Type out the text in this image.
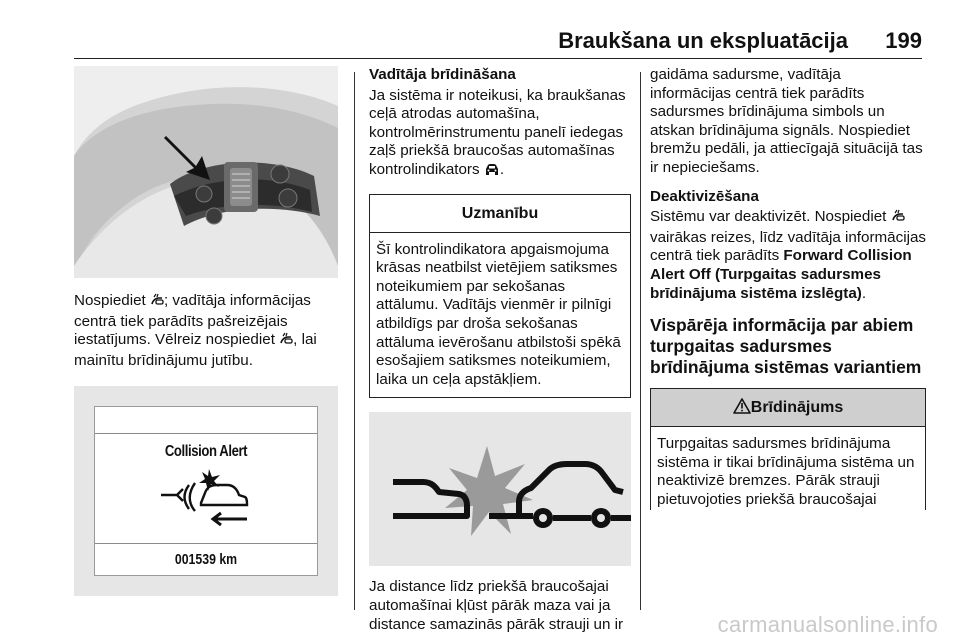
Braukšana un ekspluatācija 199

Nospiediet ; vadītāja informācijas centrā tiek parādīts pašreizējais iestatījums. Vēlreiz nospiediet , lai mainītu brīdinājumu jutību.

Collision Alert
001539 km
Vadītāja brīdināšana

Ja sistēma ir noteikusi, ka braukšanas ceļā atrodas automašīna, kontrolmērinstrumentu panelī iedegas zaļš priekšā braucošas automašīnas kontrolindikators .

Uzmanību
Šī kontrolindikatora apgaismojuma krāsas neatbilst vietējiem satiksmes noteikumiem par sekošanas attālumu. Vadītājs vienmēr ir pilnīgi atbildīgs par droša sekošanas attāluma ievērošanu atbilstoši spēkā esošajiem satiksmes noteikumiem, laika un ceļa apstākļiem.

Ja distance līdz priekšā braucošajai automašīnai kļūst pārāk maza vai ja distance samazinās pārāk strauji un ir

gaidāma sadursme, vadītāja informācijas centrā tiek parādīts sadursmes brīdinājuma simbols un atskan brīdinājuma signāls. Nospiediet bremžu pedāli, ja attiecīgajā situācijā tas ir nepieciešams.

Deaktivizēšana

Sistēmu var deaktivizēt. Nospiediet  vairākas reizes, līdz vadītāja informācijas centrā tiek parādīts Forward Collision Alert Off (Turpgaitas sadursmes brīdinājuma sistēma izslēgta).

Vispārēja informācija par abiem turpgaitas sadursmes brīdinājuma sistēmas variantiem
Brīdinājums
Turpgaitas sadursmes brīdinājuma sistēma ir tikai brīdinājuma sistēma un neaktivizē bremzes. Pārāk strauji pietuvojoties priekšā braucošajai
carmanualsonline.info
